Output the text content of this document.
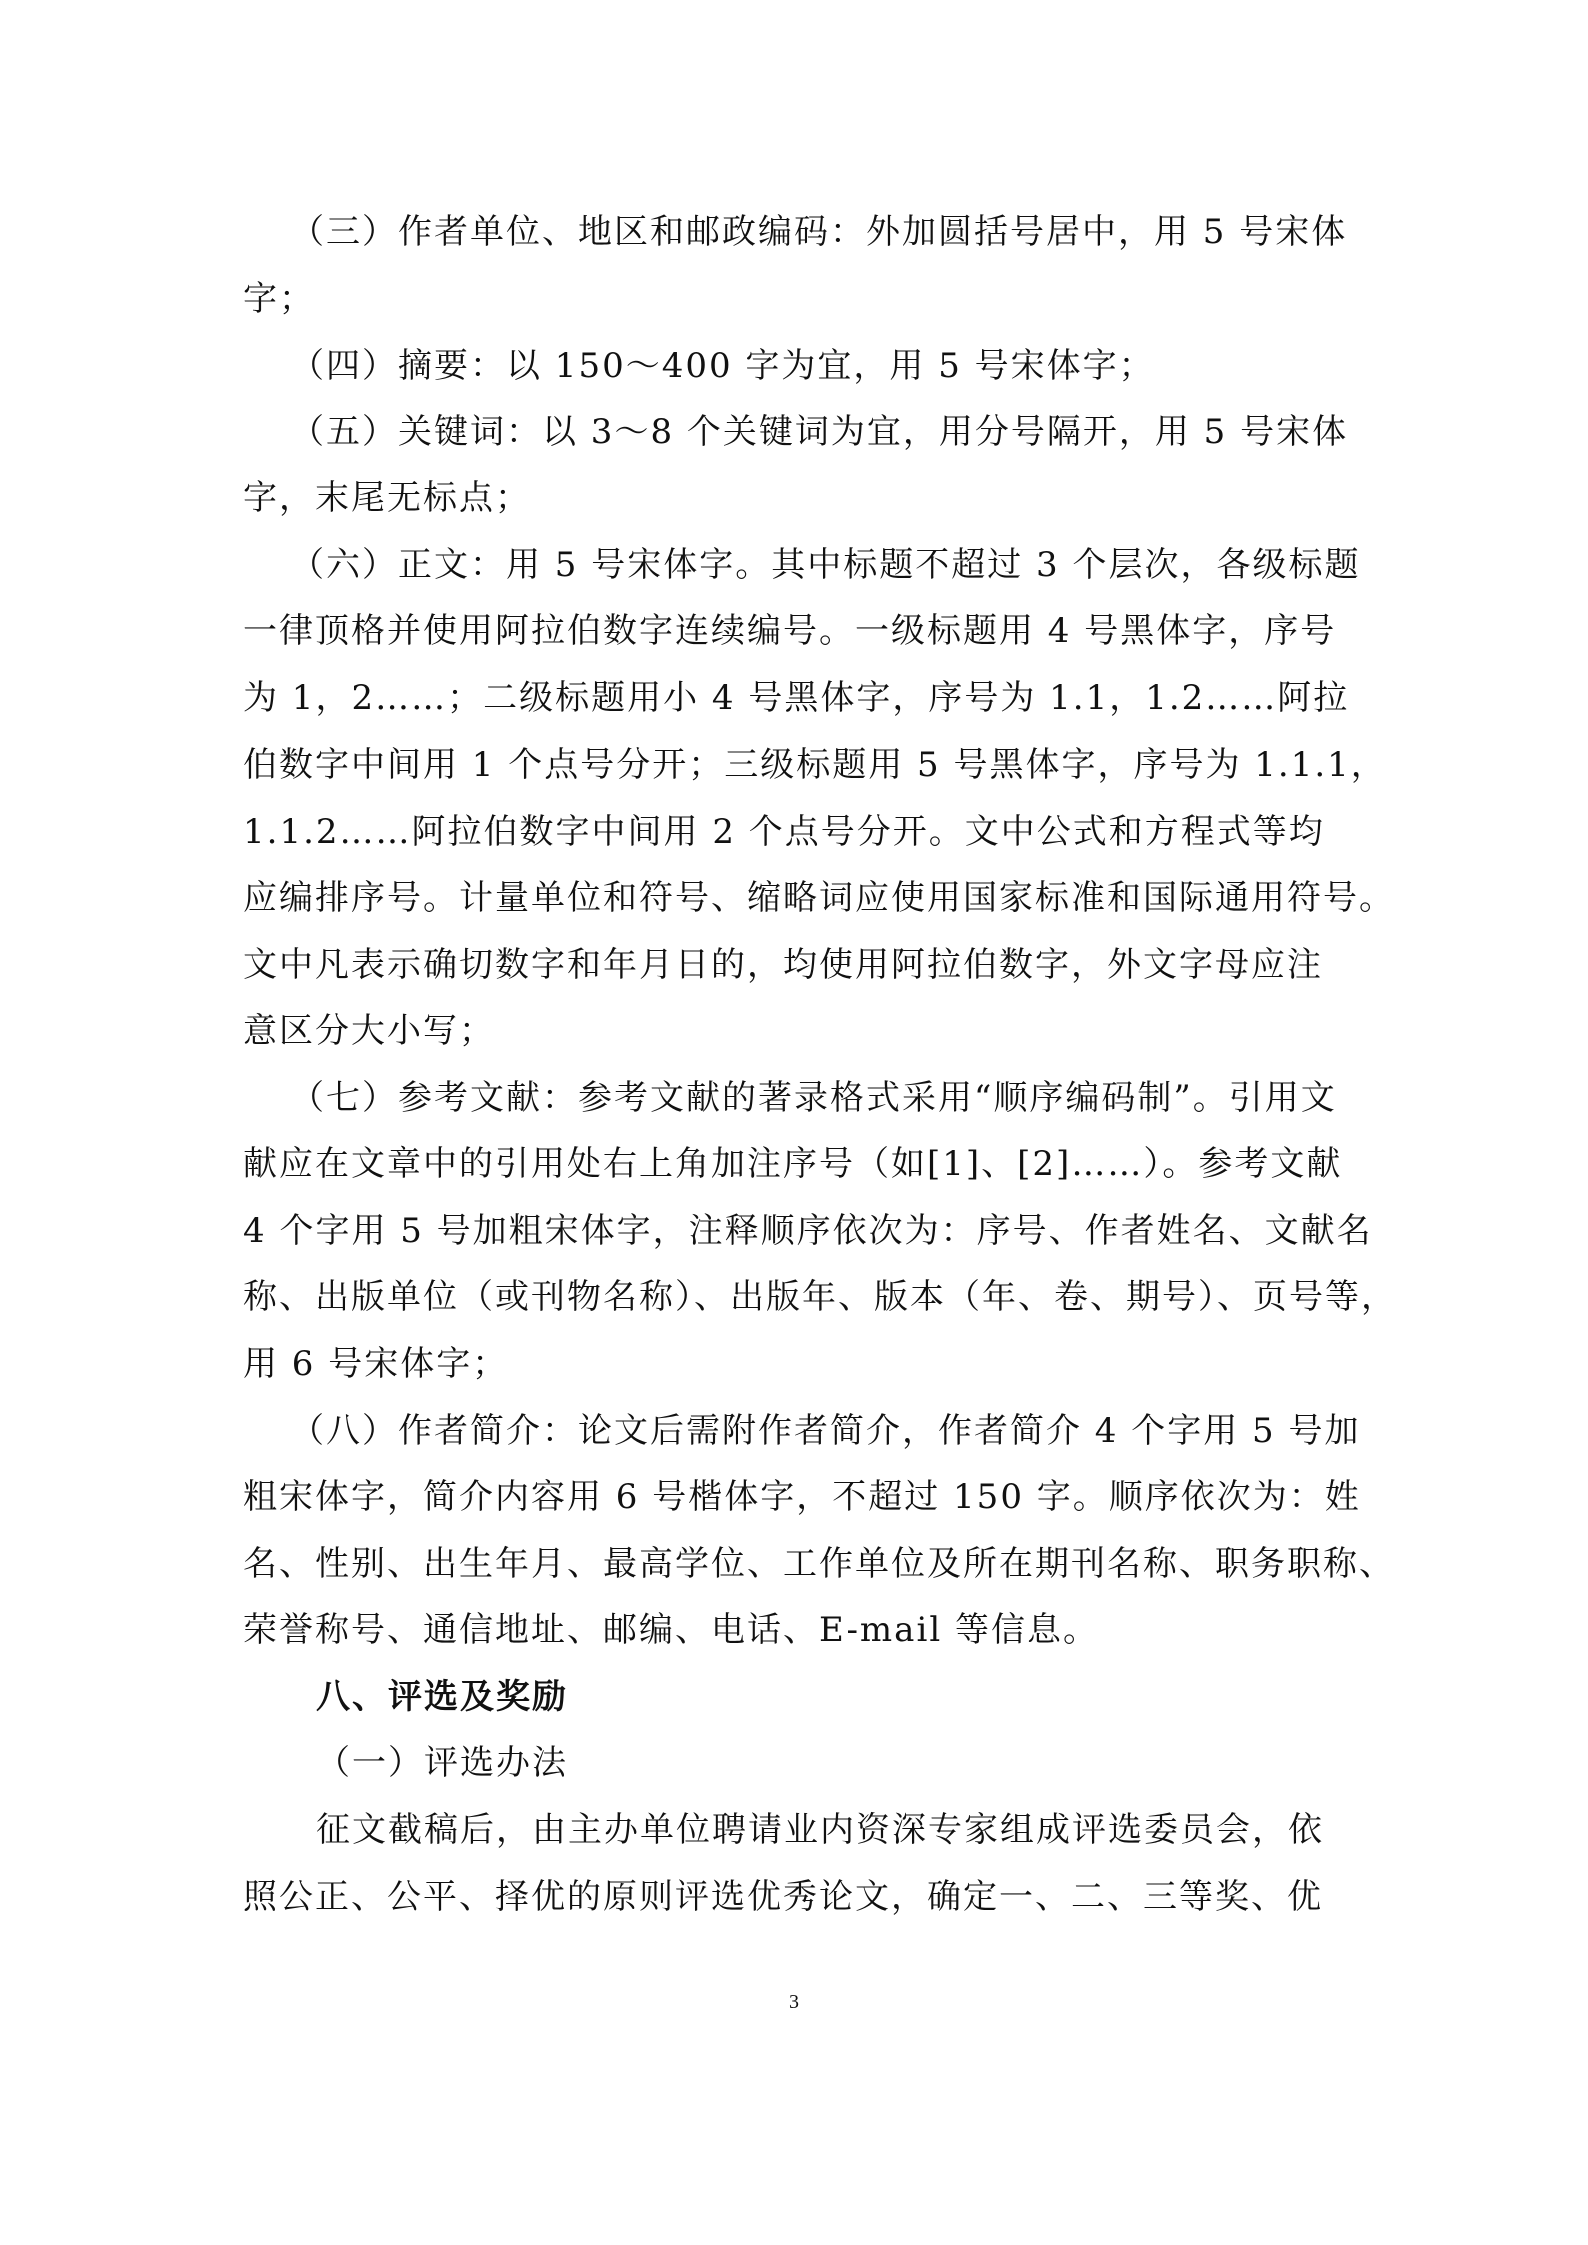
（三）作者单位、地区和邮政编码：外加圆括号居中，用 5 号宋体
字；
（四）摘要：以 150～400 字为宜，用 5 号宋体字；
（五）关键词：以 3～8 个关键词为宜，用分号隔开，用 5 号宋体
字，末尾无标点；
（六）正文：用 5 号宋体字。其中标题不超过 3 个层次，各级标题
一律顶格并使用阿拉伯数字连续编号。一级标题用 4 号黑体字，序号
为 1，2……；二级标题用小 4 号黑体字，序号为 1.1，1.2……阿拉
伯数字中间用 1 个点号分开；三级标题用 5 号黑体字，序号为 1.1.1，
1.1.2……阿拉伯数字中间用 2 个点号分开。文中公式和方程式等均
应编排序号。计量单位和符号、缩略词应使用国家标准和国际通用符号。
文中凡表示确切数字和年月日的，均使用阿拉伯数字，外文字母应注
意区分大小写；
（七）参考文献：参考文献的著录格式采用“顺序编码制”。引用文
献应在文章中的引用处右上角加注序号（如[1]、[2]……）。参考文献
4 个字用 5 号加粗宋体字，注释顺序依次为：序号、作者姓名、文献名
称、出版单位（或刊物名称）、出版年、版本（年、卷、期号）、页号等，
用 6 号宋体字；
（八）作者简介：论文后需附作者简介，作者简介 4 个字用 5 号加
粗宋体字，简介内容用 6 号楷体字，不超过 150 字。顺序依次为：姓
名、性别、出生年月、最高学位、工作单位及所在期刊名称、职务职称、
荣誉称号、通信地址、邮编、电话、E-mail 等信息。
八、评选及奖励
（一）评选办法
征文截稿后，由主办单位聘请业内资深专家组成评选委员会，依
照公正、公平、择优的原则评选优秀论文，确定一、二、三等奖、优
3
